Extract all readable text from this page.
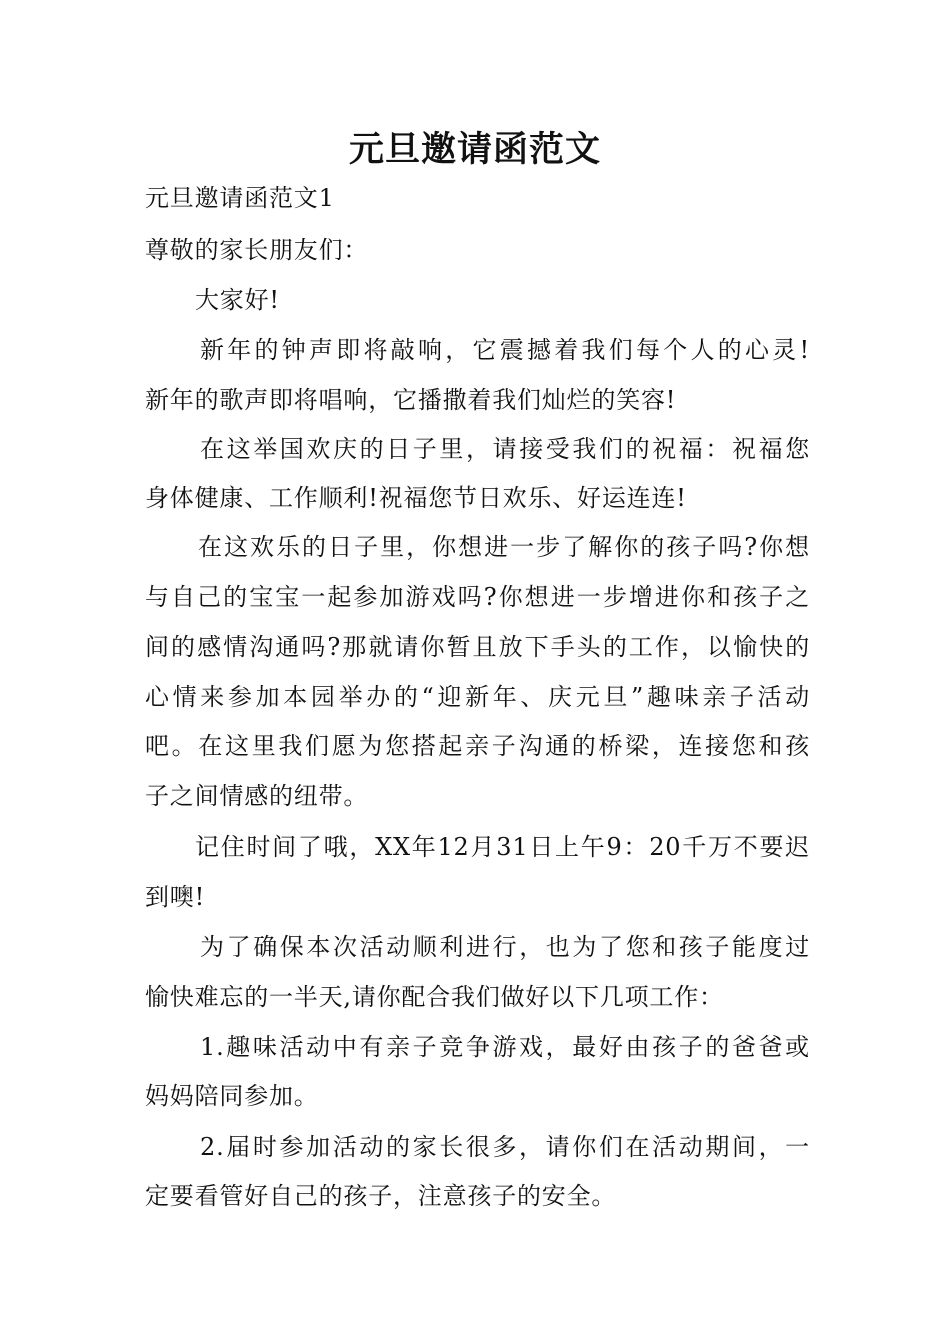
元旦邀请函范文
元旦邀请函范文1
尊敬的家长朋友们：
大家好!
新年的钟声即将敲响，它震撼着我们每个人的心灵!
新年的歌声即将唱响，它播撒着我们灿烂的笑容!
在这举国欢庆的日子里，请接受我们的祝福：祝福您
身体健康、工作顺利!祝福您节日欢乐、好运连连!
在这欢乐的日子里，你想进一步了解你的孩子吗?你想
与自己的宝宝一起参加游戏吗?你想进一步增进你和孩子之
间的感情沟通吗?那就请你暂且放下手头的工作，以愉快的
心情来参加本园举办的“迎新年、庆元旦”趣味亲子活动
吧。在这里我们愿为您搭起亲子沟通的桥梁，连接您和孩
子之间情感的纽带。
记住时间了哦，XX年12月31日上午9：20千万不要迟
到噢!
为了确保本次活动顺利进行，也为了您和孩子能度过
愉快难忘的一半天,请你配合我们做好以下几项工作：
1.趣味活动中有亲子竞争游戏，最好由孩子的爸爸或
妈妈陪同参加。
2.届时参加活动的家长很多，请你们在活动期间，一
定要看管好自己的孩子，注意孩子的安全。
